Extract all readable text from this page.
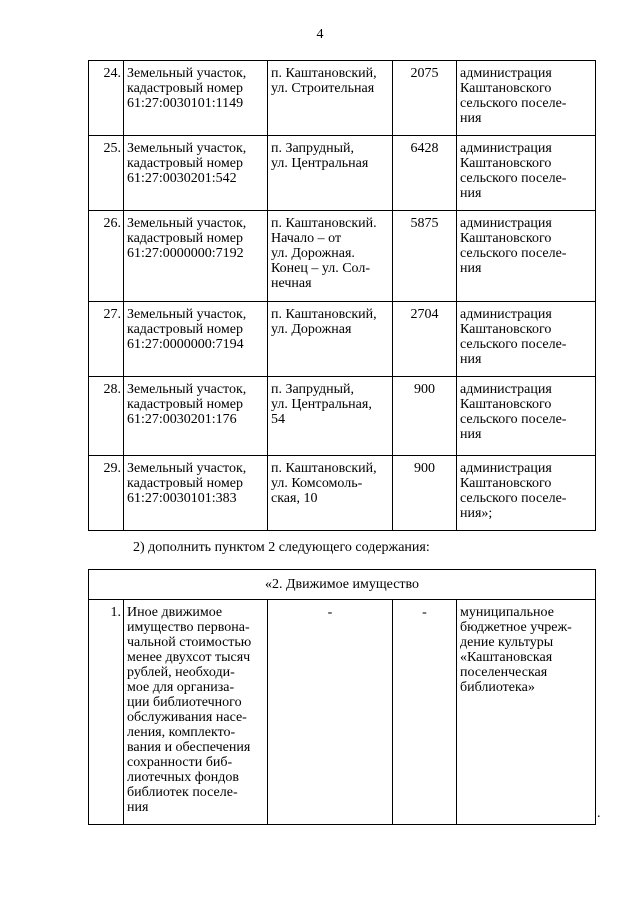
4
24.	Земельный участок,
кадастровый номер
61:27:0030101:1149	п. Каштановский,
ул. Строительная	2075	администрация
Каштановского
сельского поселе-
ния
25.	Земельный участок,
кадастровый номер
61:27:0030201:542	п. Запрудный,
ул. Центральная	6428	администрация
Каштановского
сельского поселе-
ния
26.	Земельный участок,
кадастровый номер
61:27:0000000:7192	п. Каштановский.
Начало – от
ул. Дорожная.
Конец – ул. Сол-
нечная	5875	администрация
Каштановского
сельского поселе-
ния
27.	Земельный участок,
кадастровый номер
61:27:0000000:7194	п. Каштановский,
ул. Дорожная	2704	администрация
Каштановского
сельского поселе-
ния
28.	Земельный участок,
кадастровый номер
61:27:0030201:176	п. Запрудный,
ул. Центральная,
54	900	администрация
Каштановского
сельского поселе-
ния
29.	Земельный участок,
кадастровый номер
61:27:0030101:383	п. Каштановский,
ул. Комсомоль-
ская, 10	900	администрация
Каштановского
сельского поселе-
ния»;
2) дополнить пунктом 2 следующего содержания:
«2. Движимое имущество
1.	Иное движимое
имущество первона-
чальной стоимостью
менее двухсот тысяч
рублей, необходи-
мое для организа-
ции библиотечного
обслуживания насе-
ления, комплекто-
вания и обеспечения
сохранности биб-
лиотечных фондов
библиотек поселе-
ния	-	-	муниципальное
бюджетное учреж-
дение культуры
«Каштановская
поселенческая
библиотека»
.
